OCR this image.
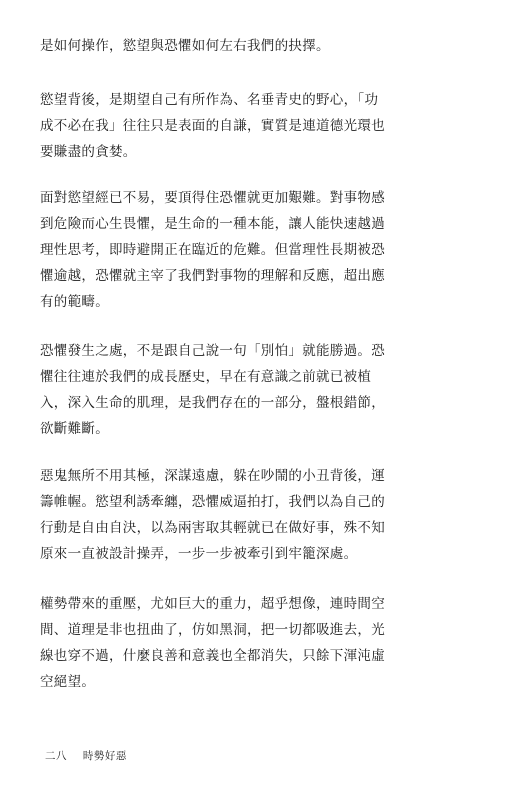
是如何操作，慾望與恐懼如何左右我們的抉擇。
慾望背後，是期望自己有所作為、名垂青史的野心，「功
成不必在我」往往只是表面的自謙，實質是連道德光環也
要賺盡的貪婪。
面對慾望經已不易，要頂得住恐懼就更加艱難。對事物感
到危險而心生畏懼，是生命的一種本能，讓人能快速越過
理性思考，即時避開正在臨近的危難。但當理性長期被恐
懼逾越，恐懼就主宰了我們對事物的理解和反應，超出應
有的範疇。
恐懼發生之處，不是跟自己說一句「別怕」就能勝過。恐
懼往往連於我們的成長歷史，早在有意識之前就已被植
入，深入生命的肌理，是我們存在的一部分，盤根錯節，
欲斷難斷。
惡鬼無所不用其極，深謀遠慮，躲在吵鬧的小丑背後，運
籌帷幄。慾望利誘牽纏，恐懼威逼拍打，我們以為自己的
行動是自由自決，以為兩害取其輕就已在做好事，殊不知
原來一直被設計操弄，一步一步被牽引到牢籠深處。
權勢帶來的重壓，尤如巨大的重力，超乎想像，連時間空
間、道理是非也扭曲了，仿如黑洞，把一切都吸進去，光
線也穿不過，什麼良善和意義也全都消失，只餘下渾沌虛
空絕望。
二八 時勢好惡
